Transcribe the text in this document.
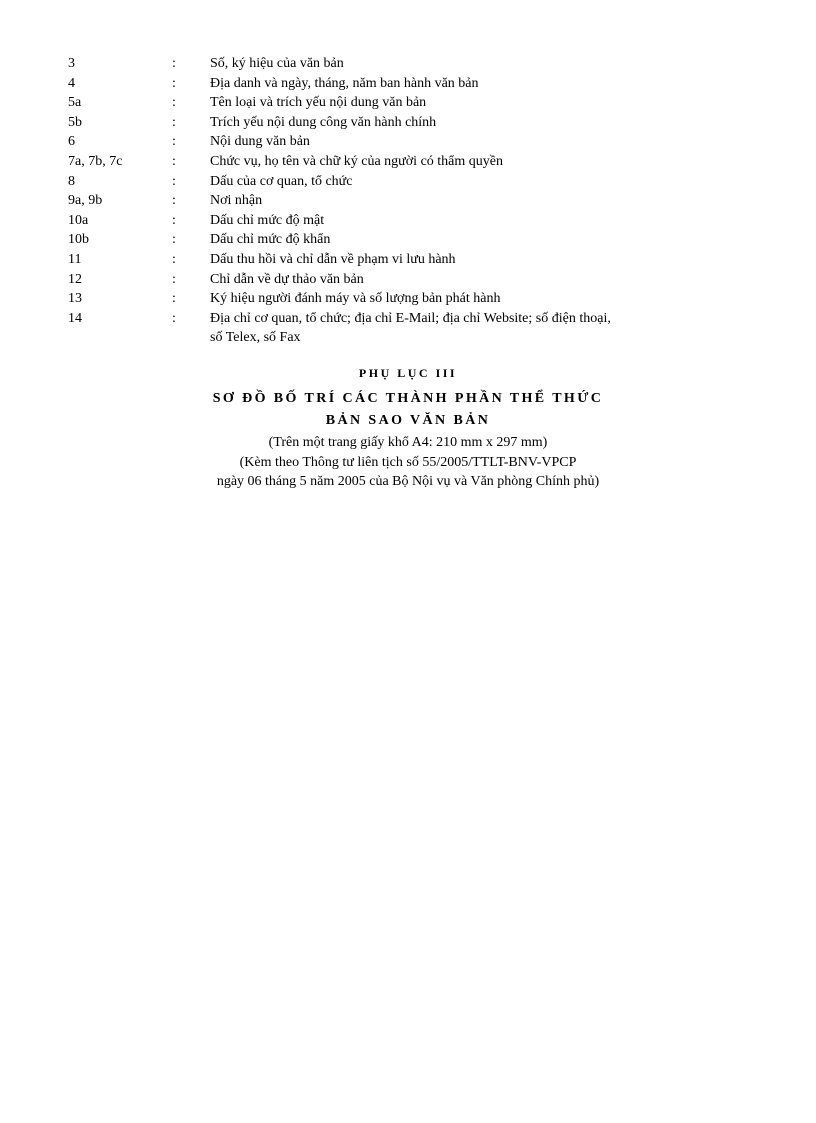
3	:	Số, ký hiệu của văn bản
4	:	Địa danh và ngày, tháng, năm ban hành văn bản
5a	:	Tên loại và trích yếu nội dung văn bản
5b	:	Trích yếu nội dung công văn hành chính
6	:	Nội dung văn bản
7a, 7b, 7c	:	Chức vụ, họ tên và chữ ký của người có thẩm quyền
8	:	Dấu của cơ quan, tổ chức
9a, 9b	:	Nơi nhận
10a	:	Dấu chỉ mức độ mật
10b	:	Dấu chỉ mức độ khẩn
11	:	Dấu thu hồi và chỉ dẫn về phạm vi lưu hành
12	:	Chỉ dẫn về dự thảo văn bản
13	:	Ký hiệu người đánh máy và số lượng bản phát hành
14	:	Địa chỉ cơ quan, tổ chức; địa chỉ E-Mail; địa chỉ Website; số điện thoại, số Telex, số Fax

PHỤ LỤC III

SƠ ĐỒ BỐ TRÍ CÁC THÀNH PHẦN THỂ THỨC

BẢN SAO VĂN BẢN

(Trên một trang giấy khổ A4: 210 mm x 297 mm)

(Kèm theo Thông tư liên tịch số 55/2005/TTLT-BNV-VPCP

ngày 06 tháng 5 năm 2005 của Bộ Nội vụ và Văn phòng Chính phủ)
